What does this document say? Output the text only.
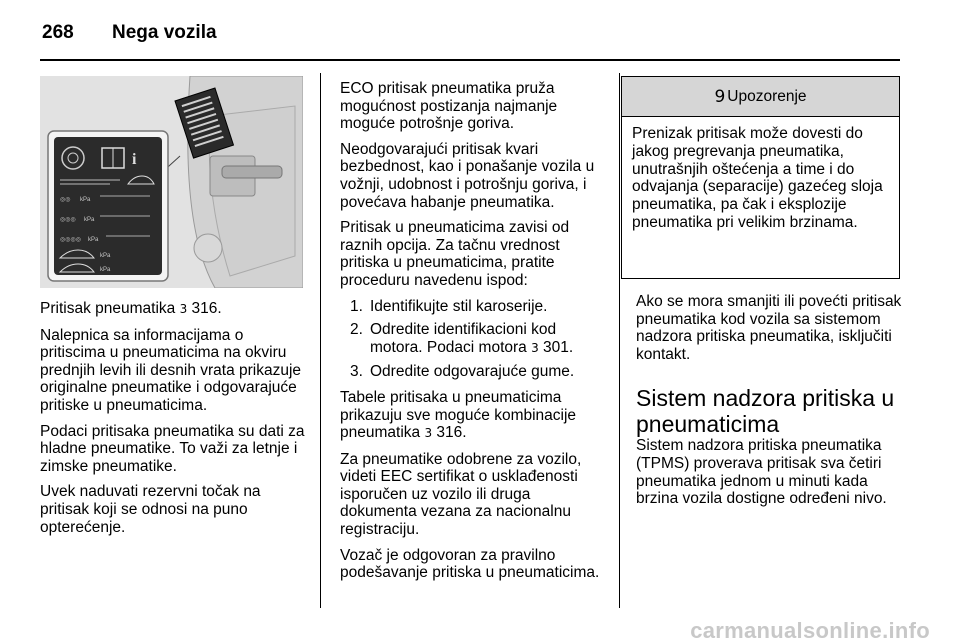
268 Nega vozila
i
◎◎ kPa
◎◎◎ kPa
◎◎◎◎ kPa
kPa
kPa

Pritisak pneumatika 3 316.

Nalepnica sa informacijama o pritiscima u pneumaticima na okviru prednjih levih ili desnih vrata prikazuje originalne pneumatike i odgovarajuće pritiske u pneumaticima.

Podaci pritisaka pneumatika su dati za hladne pneumatike. To važi za letnje i zimske pneumatike.

Uvek naduvati rezervni točak na pritisak koji se odnosi na puno opterećenje.

ECO pritisak pneumatika pruža mogućnost postizanja najmanje moguće potrošnje goriva.

Neodgovarajući pritisak kvari bezbednost, kao i ponašanje vozila u vožnji, udobnost i potrošnju goriva, i povećava habanje pneumatika.

Pritisak u pneumaticima zavisi od raznih opcija. Za tačnu vrednost pritiska u pneumaticima, pratite proceduru navedenu ispod:

1. Identifikujte stil karoserije.
2. Odredite identifikacioni kod motora. Podaci motora 3 301.
3. Odredite odgovarajuće gume.

Tabele pritisaka u pneumaticima prikazuju sve moguće kombinacije pneumatika 3 316.

Za pneumatike odobrene za vozilo, videti EEC sertifikat o usklađenosti isporučen uz vozilo ili druga dokumenta vezana za nacionalnu registraciju.

Vozač je odgovoran za pravilno podešavanje pritiska u pneumaticima.

9 Upozorenje
Prenizak pritisak može dovesti do jakog pregrevanja pneumatika, unutrašnjih oštećenja a time i do odvajanja (separacije) gazećeg sloja pneumatika, pa čak i eksplozije pneumatika pri velikim brzinama.

Ako se mora smanjiti ili povećti pritisak pneumatika kod vozila sa sistemom nadzora pritiska pneumatika, isključiti kontakt.

Sistem nadzora pritiska u pneumaticima

Sistem nadzora pritiska pneumatika (TPMS) proverava pritisak sva četiri pneumatika jednom u minuti kada brzina vozila dostigne određeni nivo.

carmanualsonline.info
